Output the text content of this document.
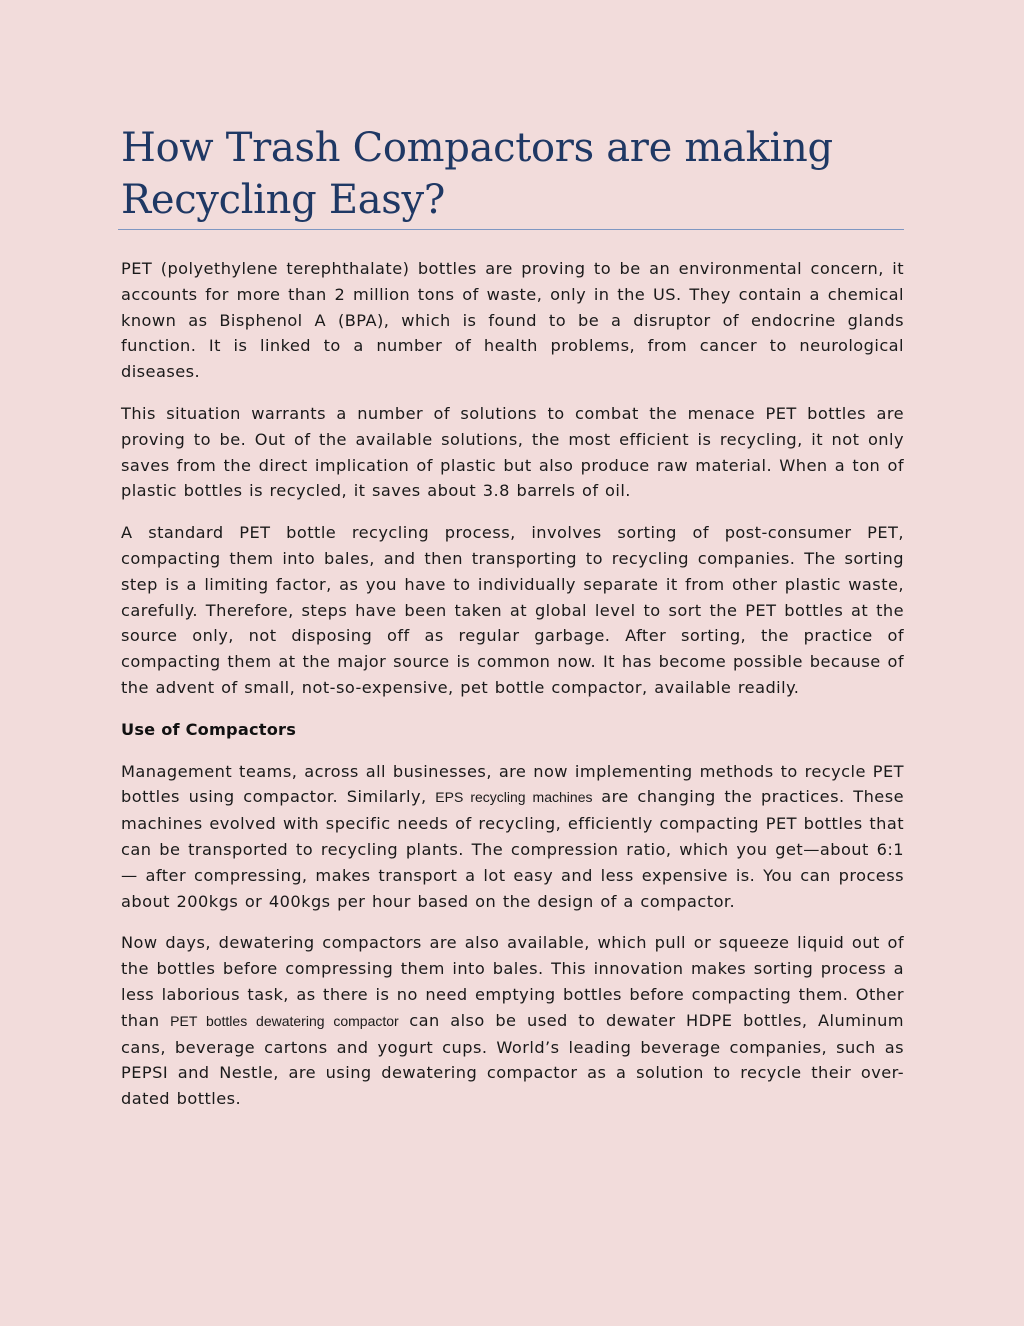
How Trash Compactors are making Recycling Easy?

PET (polyethylene terephthalate) bottles are proving to be an environmental concern, it accounts for more than 2 million tons of waste, only in the US. They contain a chemical known as Bisphenol A (BPA), which is found to be a disruptor of endocrine glands function. It is linked to a number of health problems, from cancer to neurological diseases.

This situation warrants a number of solutions to combat the menace PET bottles are proving to be. Out of the available solutions, the most efficient is recycling, it not only saves from the direct implication of plastic but also produce raw material. When a ton of plastic bottles is recycled, it saves about 3.8 barrels of oil.

A standard PET bottle recycling process, involves sorting of post-consumer PET, compacting them into bales, and then transporting to recycling companies. The sorting step is a limiting factor, as you have to individually separate it from other plastic waste, carefully. Therefore, steps have been taken at global level to sort the PET bottles at the source only, not disposing off as regular garbage. After sorting, the practice of compacting them at the major source is common now. It has become possible because of the advent of small, not-so-expensive, pet bottle compactor, available readily.

Use of Compactors

Management teams, across all businesses, are now implementing methods to recycle PET bottles using compactor. Similarly, EPS recycling machines are changing the practices. These machines evolved with specific needs of recycling, efficiently compacting PET bottles that can be transported to recycling plants. The compression ratio, which you get—about 6:1— after compressing, makes transport a lot easy and less expensive is. You can process about 200kgs or 400kgs per hour based on the design of a compactor.

Now days, dewatering compactors are also available, which pull or squeeze liquid out of the bottles before compressing them into bales. This innovation makes sorting process a less laborious task, as there is no need emptying bottles before compacting them. Other than PET bottles dewatering compactor can also be used to dewater HDPE bottles, Aluminum cans, beverage cartons and yogurt cups. World’s leading beverage companies, such as PEPSI and Nestle, are using dewatering compactor as a solution to recycle their over-dated bottles.
